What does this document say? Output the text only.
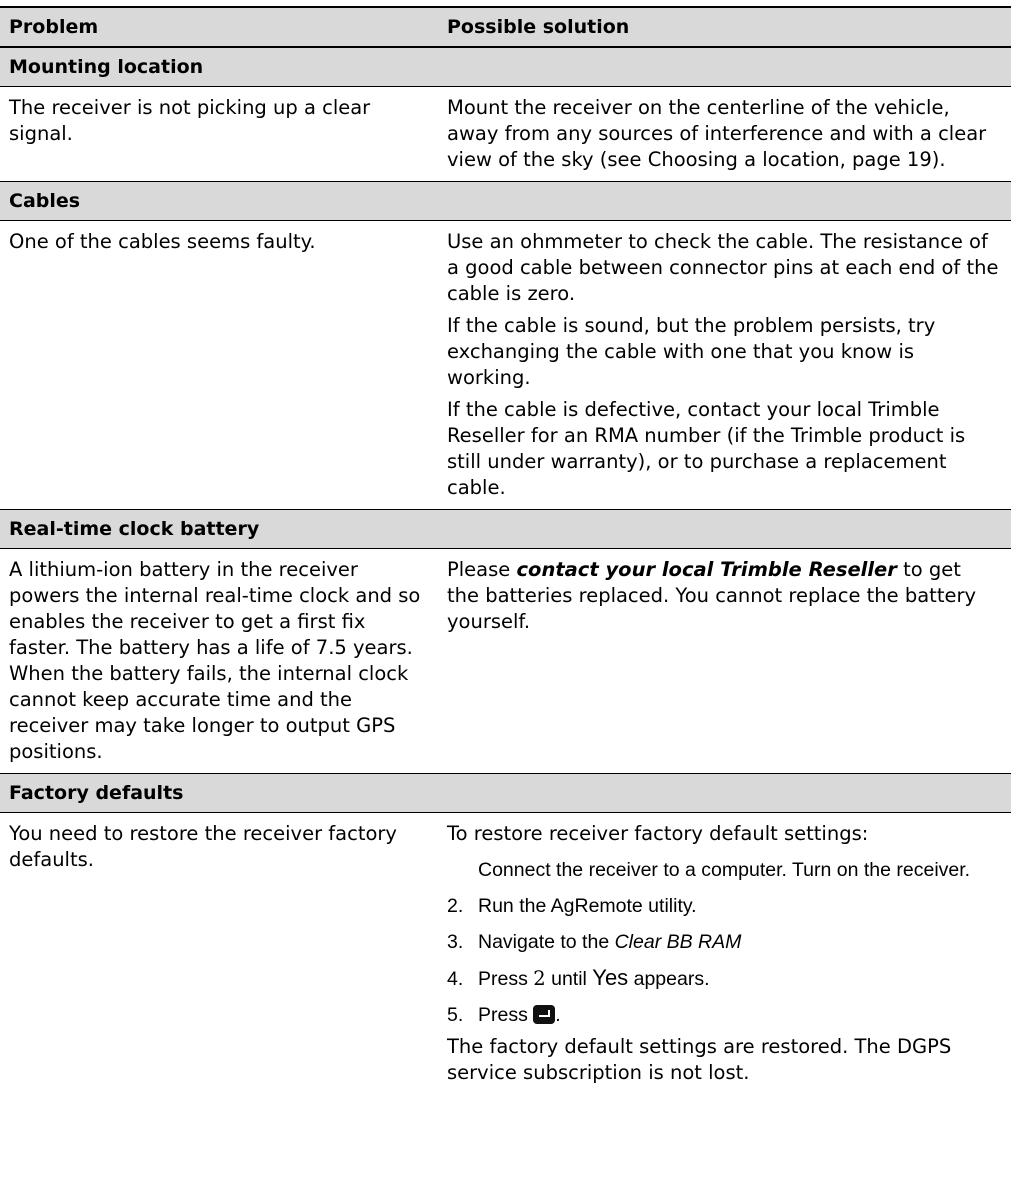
Problem	Possible solution
Mounting location
The receiver is not picking up a clear signal.
Mount the receiver on the centerline of the vehicle, away from any sources of interference and with a clear view of the sky (see Choosing a location, page 19).
Cables
One of the cables seems faulty.	Use an ohmmeter to check the cable. The resistance of a good cable between connector pins at each end of the cable is zero.

If the cable is sound, but the problem persists, try exchanging the cable with one that you know is working.

If the cable is defective, contact your local Trimble Reseller for an RMA number (if the Trimble product is still under warranty), or to purchase a replacement cable.

Real-time clock battery
A lithium-ion battery in the receiver powers the internal real-time clock and so enables the receiver to get a first fix faster. The battery has a life of 7.5 years. When the battery fails, the internal clock cannot keep accurate time and the receiver may take longer to output GPS positions.
Please contact your local Trimble Reseller to get the batteries replaced. You cannot replace the battery yourself.
Factory defaults
You need to restore the receiver factory defaults.

To restore receiver factory default settings:

Connect the receiver to a computer. Turn on the receiver.

2. Run the AgRemote utility.

3. Navigate to the Clear BB RAM

4. Press 2 until Yes appears.

5. Press .

The factory default settings are restored. The DGPS service subscription is not lost.
